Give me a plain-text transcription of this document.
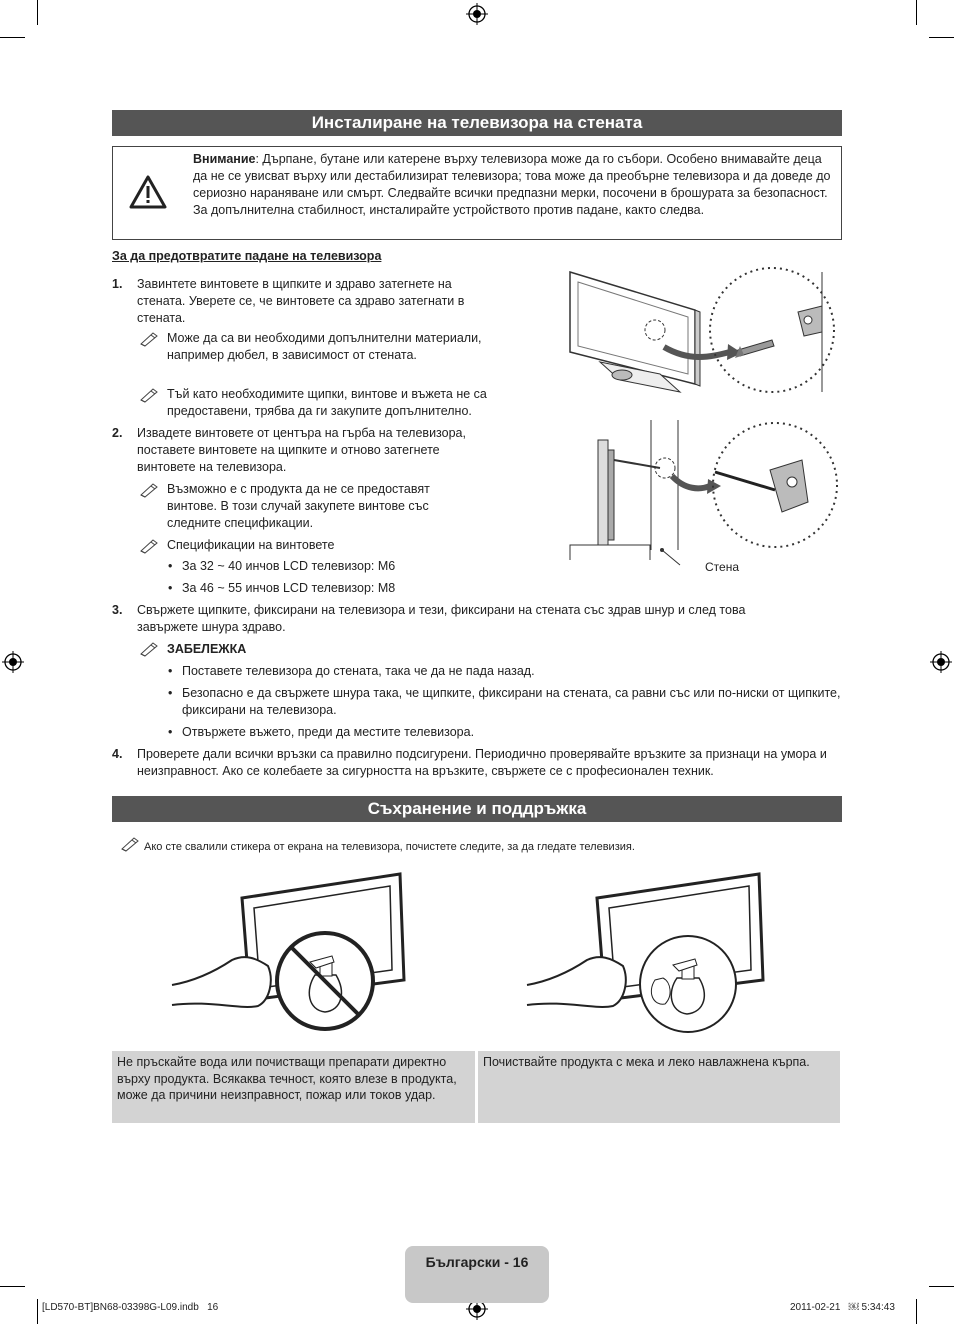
Инсталиране на телевизора на стената
Внимание: Дърпане, бутане или катерене върху телевизора може да го събори. Особено внимавайте деца да не се увисват върху или дестабилизират телевизора; това може да преобърне телевизора и да доведе до сериозно нараняване или смърт. Следвайте всички предпазни мерки, посочени в брошурата за безопасност. За допълнителна стабилност, инсталирайте устройството против падане, както следва.
За да предотвратите падане на телевизора
1. Завинтете винтовете в щипките и здраво затегнете на стената. Уверете се, че винтовете са здраво затегнати в стената.
Може да са ви необходими допълнителни материали, например дюбел, в зависимост от стената.
Тъй като необходимите щипки, винтове и въжета не са предоставени, трябва да ги закупите допълнително.
2. Извадете винтовете от центъра на гърба на телевизора, поставете винтовете на щипките и отново затегнете винтовете на телевизора.
Възможно е с продукта да не се предоставят винтове. В този случай закупете винтове със следните спецификации.
Спецификации на винтовете
• За 32 ~ 40 инчов LCD телевизор: M6
• За 46 ~ 55 инчов LCD телевизор: M8
Стена
3. Свържете щипките, фиксирани на телевизора и тези, фиксирани на стената със здрав шнур и след това завържете шнура здраво.
ЗАБЕЛЕЖКА
• Поставете телевизора до стената, така че да не пада назад.
• Безопасно е да свържете шнура така, че щипките, фиксирани на стената, са равни със или по-ниски от щипките, фиксирани на телевизора.
• Отвържете въжето, преди да местите телевизора.
4. Проверете дали всички връзки са правилно подсигурени. Периодично проверявайте връзките за признаци на умора и неизправност. Ако се колебаете за сигурността на връзките, свържете се с професионален техник.
Съхранение и поддръжка
Ако сте свалили стикера от екрана на телевизора, почистете следите, за да гледате телевизия.
Не пръскайте вода или почистващи препарати директно върху продукта. Всякаква течност, която влезе в продукта, може да причини неизправност, пожар или токов удар.
Почиствайте продукта с мека и леко навлажнена кърпа.
Български - 16
[LD570-BT]BN68-03398G-L09.indb   16	2011-02-21   ￼ 5:34:43
